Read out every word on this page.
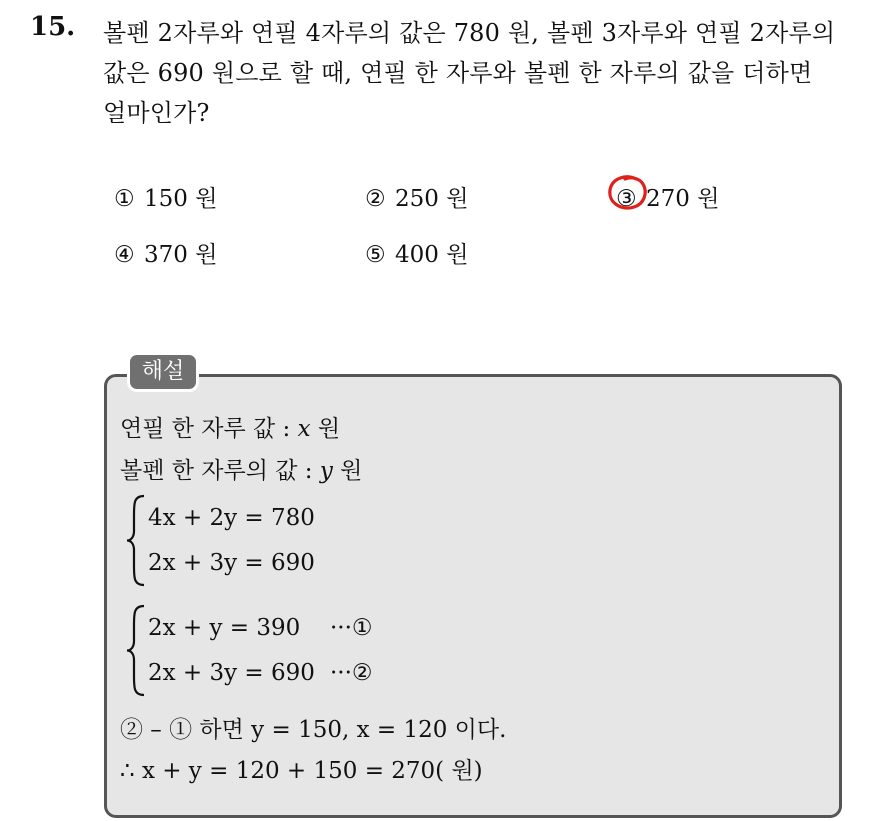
15. 볼펜 2자루와 연필 4자루의 값은 780 원, 볼펜 3자루와 연필 2자루의
값은 690 원으로 할 때, 연필 한 자루와 볼펜 한 자루의 값을 더하면
얼마인가?
① 150 원	② 250 원	③ 270 원
④ 370 원	⑤ 400 원
해설
연필 한 자루 값 : x 원
볼펜 한 자루의 값 : y 원
4x + 2y = 780
2x + 3y = 690
2x + y = 390 ···①
2x + 3y = 690 ···②
② – ① 하면 y = 150, x = 120 이다.
∴ x + y = 120 + 150 = 270( 원)
